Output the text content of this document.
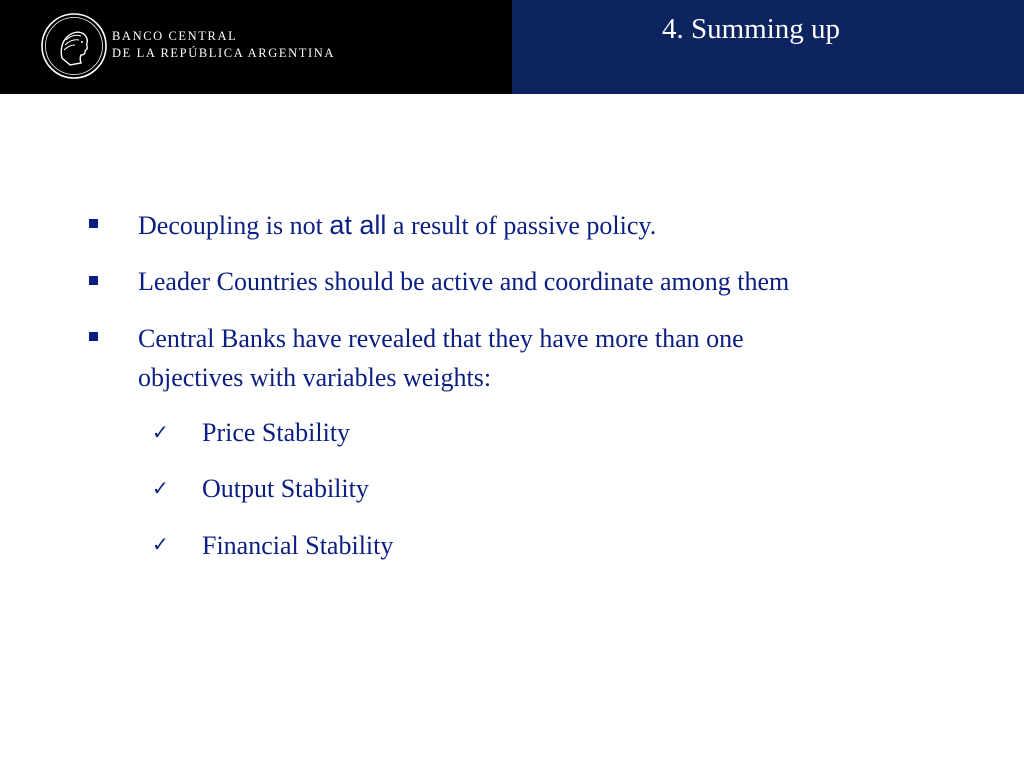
BANCO CENTRAL
DE LA REPÚBLICA ARGENTINA
4. Summing up
Decoupling is not at all a result of passive policy.
Leader Countries should be active and coordinate among them
Central Banks have revealed that they have more than one
objectives with variables weights:
✓ Price Stability
✓ Output Stability
✓ Financial Stability
